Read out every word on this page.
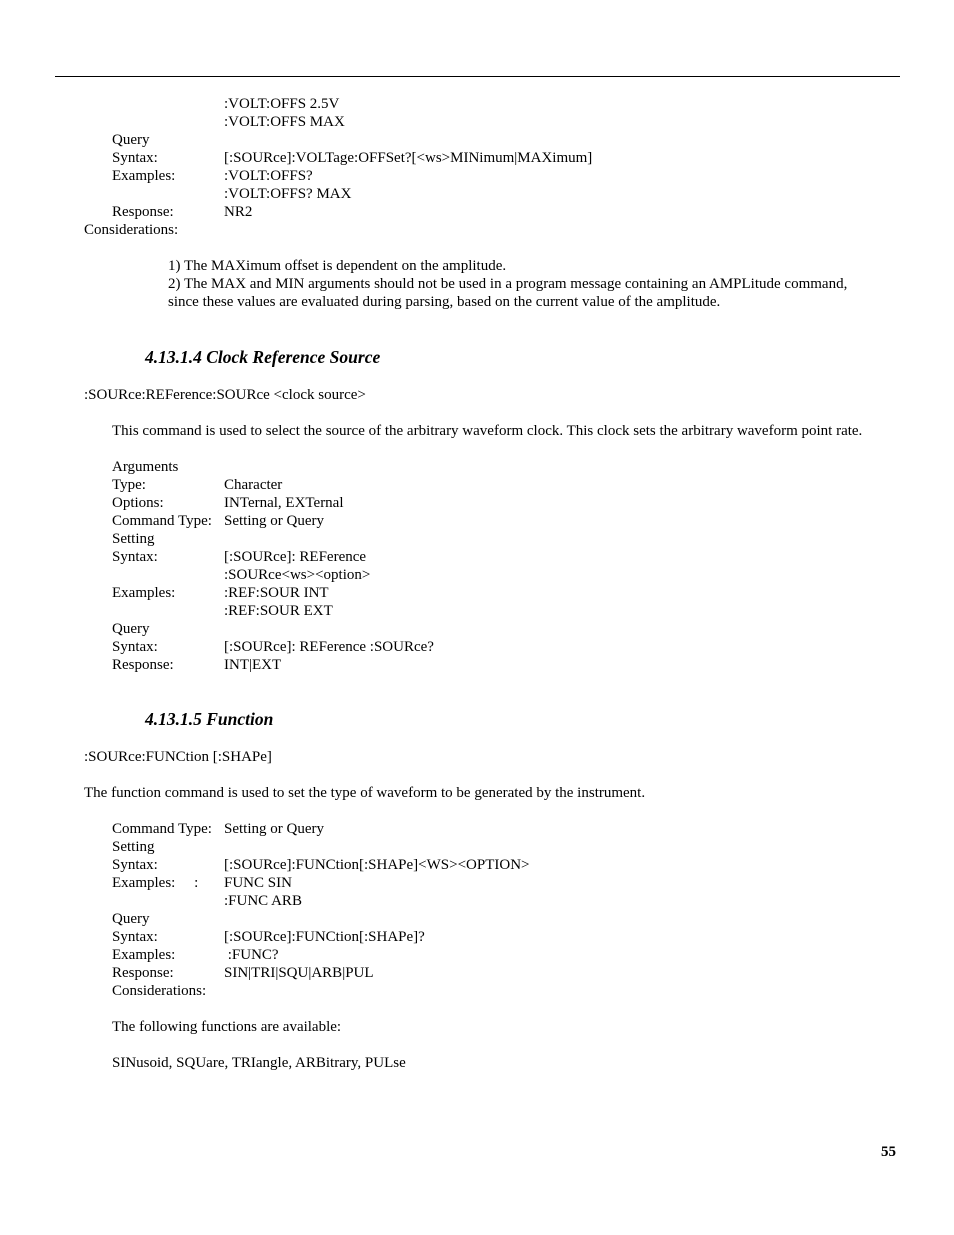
:VOLT:OFFS 2.5V
:VOLT:OFFS MAX
Query
Syntax:	[:SOURce]:VOLTage:OFFSet?[<ws>MINimum|MAXimum]
Examples:	:VOLT:OFFS?
:VOLT:OFFS? MAX
Response:	NR2
Considerations:
1) The MAXimum offset is dependent on the amplitude.
2) The MAX and MIN arguments should not be used in a program message containing an AMPLitude command,
since these values are evaluated during parsing, based on the current value of the amplitude.
4.13.1.4 Clock Reference Source
:SOURce:REFerence:SOURce <clock source>
This command is used to select the source of the arbitrary waveform clock. This clock sets the arbitrary waveform point rate.
Arguments
Type:	Character
Options:	INTernal, EXTernal
Command Type: Setting or Query
Setting
Syntax:	[:SOURce]: REFerence
:SOURce<ws><option>
Examples:	:REF:SOUR INT
:REF:SOUR EXT
Query
Syntax:	[:SOURce]: REFerence :SOURce?
Response:	INT|EXT
4.13.1.5 Function
:SOURce:FUNCtion [:SHAPe]
The function command is used to set the type of waveform to be generated by the instrument.
Command Type: Setting or Query
Setting
Syntax:	[:SOURce]:FUNCtion[:SHAPe]<WS><OPTION>
Examples:     : FUNC SIN
:FUNC ARB
Query
Syntax:	[:SOURce]:FUNCtion[:SHAPe]?
Examples:	:FUNC?
Response:	SIN|TRI|SQU|ARB|PUL
Considerations:
The following functions are available:
SINusoid, SQUare, TRIangle, ARBitrary, PULse
55
